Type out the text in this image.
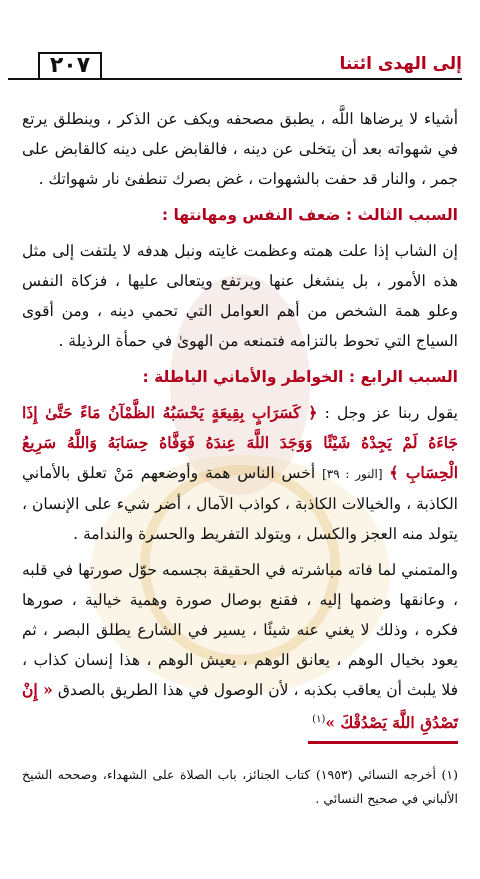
٢٠٧	إلى الهدى ائتنا

أشياء لا يرضاها اللَّه ، يطبق مصحفه ويكف عن الذكر ، وينطلق يرتع في شهواته بعد أن يتخلى عن دينه ، فالقابض على دينه كالقابض على جمر ، والنار قد حفت بالشهوات ، غض بصرك تنطفئ نار شهواتك .

السبب الثالث : ضعف النفس ومهانتها :

إن الشاب إذا علت همته وعظمت غايته ونبل هدفه لا يلتفت إلى مثل هذه الأمور ، بل ينشغل عنها ويرتفع ويتعالى عليها ، فزكاة النفس وعلو همة الشخص من أهم العوامل التي تحمي دينه ، ومن أقوى السياج التي تحوط بالتزامه فتمنعه من الهوىٰ في حمأة الرذيلة .

السبب الرابع : الخواطر والأماني الباطلة :

يقول ربنا عز وجل : ﴿ كَسَرَابٍ بِقِيعَةٍ يَحْسَبُهُ الظَّمْآنُ مَاءً حَتَّىٰ إِذَا جَاءَهُ لَمْ يَجِدْهُ شَيْئًا وَوَجَدَ اللَّهَ عِندَهُ فَوَفَّاهُ حِسَابَهُ وَاللَّهُ سَرِيعُ الْحِسَابِ ﴾ [النور : ٣٩] أخس الناس همة وأوضعهم مَنْ تعلق بالأماني الكاذبة ، والخيالات الكاذبة ، كواذب الآمال ، أضر شيء على الإنسان ، يتولد منه العجز والكسل ، ويتولد التفريط والحسرة والندامة .

والمتمني لما فاته مباشرته في الحقيقة بجسمه حوّل صورتها في قلبه ، وعانقها وضمها إليه ، فقنع بوصال صورة وهمية خيالية ، صورها فكره ، وذلك لا يغني عنه شيئًا ، يسير في الشارع يطلق البصر ، ثم يعود بخيال الوهم ، يعانق الوهم ، يعيش الوهم ، هذا إنسان كذاب ، فلا يلبث أن يعاقب بكذبه ، لأن الوصول في هذا الطريق بالصدق « إِنْ تَصْدُقِ اللَّهَ يَصْدُقْكَ »$^{(١)}$

(١) أخرجه النسائي (١٩٥٣) كتاب الجنائز، باب الصلاة على الشهداء، وصححه الشيخ الألباني في صحيح النسائي .
